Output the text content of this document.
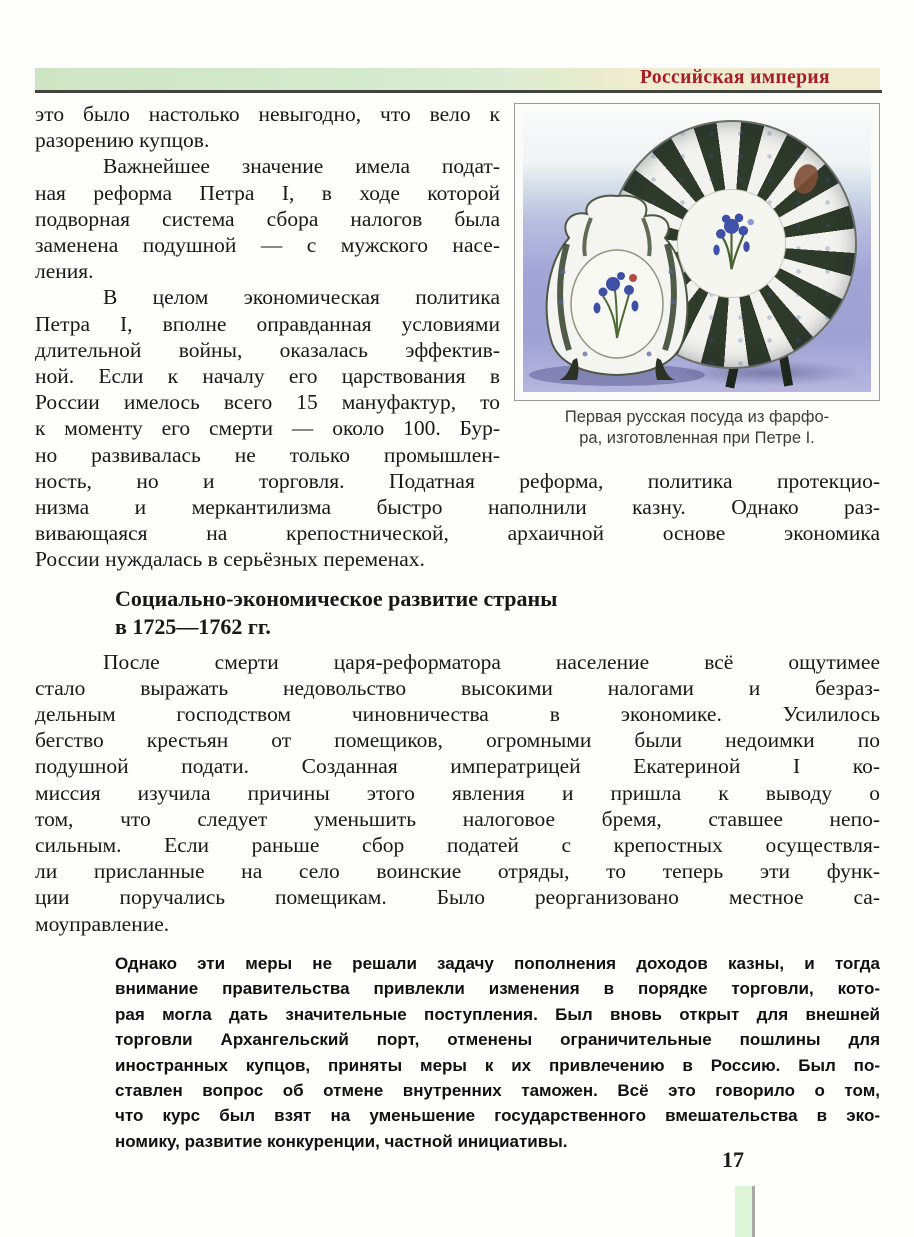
Российская империя
Первая русская посуда из фарфо-
ра, изготовленная при Петре I.
это было настолько невыгодно, что вело к
разорению купцов.
Важнейшее значение имела подат-
ная реформа Петра I, в ходе которой
подворная система сбора налогов была
заменена подушной — с мужского насе-
ления.
В целом экономическая политика
Петра I, вполне оправданная условиями
длительной войны, оказалась эффектив-
ной. Если к началу его царствования в
России имелось всего 15 мануфактур, то
к моменту его смерти — около 100. Бур-
но развивалась не только промышлен-
ность, но и торговля. Податная реформа, политика протекцио-
низма и меркантилизма быстро наполнили казну. Однако раз-
вивающаяся на крепостнической, архаичной основе экономика
России нуждалась в серьёзных переменах.
Социально-экономическое развитие страны
в 1725—1762 гг.
После смерти царя-реформатора население всё ощутимее
стало выражать недовольство высокими налогами и безраз-
дельным господством чиновничества в экономике. Усилилось
бегство крестьян от помещиков, огромными были недоимки по
подушной подати. Созданная императрицей Екатериной I ко-
миссия изучила причины этого явления и пришла к выводу о
том, что следует уменьшить налоговое бремя, ставшее непо-
сильным. Если раньше сбор податей с крепостных осуществля-
ли присланные на село воинские отряды, то теперь эти функ-
ции поручались помещикам. Было реорганизовано местное са-
моуправление.
Однако эти меры не решали задачу пополнения доходов казны, и тогда
внимание правительства привлекли изменения в порядке торговли, кото-
рая могла дать значительные поступления. Был вновь открыт для внешней
торговли Архангельский порт, отменены ограничительные пошлины для
иностранных купцов, приняты меры к их привлечению в Россию. Был по-
ставлен вопрос об отмене внутренних таможен. Всё это говорило о том,
что курс был взят на уменьшение государственного вмешательства в эко-
номику, развитие конкуренции, частной инициативы.
17
